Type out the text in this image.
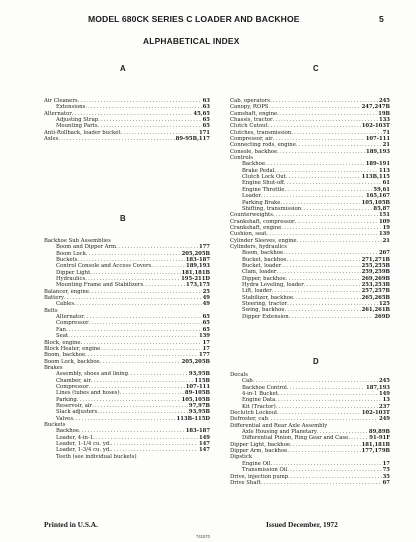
MODEL 680CK SERIES C LOADER AND BACKHOE	5
ALPHABETICAL INDEX
A	C
B
D
Air Cleaners .....	63
Extensions .....	63
Alternator .....	45,65
Adjusting Strap .....	65
Mounting Parts .....	65
Anti-Rollback, loader bucket .....	171
Axles .....	89-95B,117
Backhoe Sub Assemblies
Boom and Dipper Arm .....	177
Boom Lock .....	205,205B
Buckets .....	183-187
Control Console and Access Covers .....	189,193
Dipper Light .....	181,181B
Hydraulics .....	195-211D
Mounting Frame and Stabilizers .....	173,175
Balancer, engine .....	25
Battery .....	49
Cables .....	49
Belts
Alternator .....	65
Compressor .....	65
Fan .....	65
Seat .....	139
Block, engine .....	17
Block Heater, engine .....	17
Boom, backhoe .....	177
Boom Lock, backhoe .....	205,205B
Brakes
Assembly, shoes and lining .....	93,95B
Chamber, air .....	115B
Compressor .....	107-111
Lines (tubes and hoses) .....	89-105B
Parking .....	105,105B
Reservoir, air .....	97,97B
Slack adjusters .....	93,95B
Valves .....	113B-115D
Buckets
Backhoe .....	183-187
Loader, 4-in-1 .....	149
Loader, 1-1/4 cu. yd. .....	147
Loader, 1-3/4 cu. yd. .....	147
Teeth (see individual buckets)
Cab, operators .....	245
Canopy, ROPS .....	247,247B
Camshaft, engine .....	19B
Chassis, tractor .....	133
Clutch Cutout .....	102-103T
Clutches, transmission .....	71
Compressor, air .....	107-111
Connecting rods, engine .....	21
Console, backhoe .....	189,193
Controls
Backhoe .....	189-191
Brake Pedal .....	113
Clutch Lock Out .....	113B,115
Engine Shut-off .....	61
Engine Throttle .....	59,61
Loader .....	165,167
Parking Brake .....	105,105B
Shifting, transmission .....	85,87
Counterweights .....	151
Crankshaft, compressor .....	109
Crankshaft, engine .....	19
Cushion, seat .....	139
Cylinder Sleeves, engine .....	21
Cylinders, hydraulics
Boom, backhoe .....	267
Bucket, backhoe .....	271,271B
Bucket, loader .....	255,255B
Clam, loader .....	259,259B
Dipper, backhoe .....	269,269B
Hydra Leveling, loader .....	253,253B
Lift, loader .....	257,257B
Stabilizer, backhoe .....	265,265B
Steering, tractor .....	125
Swing, backhoe .....	261,261B
Dipper Extension .....	269D
Decals
Cab .....	245
Backhoe Control .....	187,193
4-in-1 Bucket .....	149
Engine Data .....	13
Kit (Tractor) .....	237
Declutch Lockout .....	102-103T
Defroster, cab .....	249
Differential and Rear Axle Assembly
Axle Housing and Planetary .....	89,89B
Differential Pinion, Ring Gear and Case .....	91-91F
Dipper Light, backhoe .....	181,181B
Dipper Arm, backhoe .....	177,179B
Dipstick
Engine Oil .....	17
Transmission Oil .....	75
Drive, injection pump .....	35
Drive Shaft .....	67
Printed in U.S.A.	Issued December, 1972
741570
